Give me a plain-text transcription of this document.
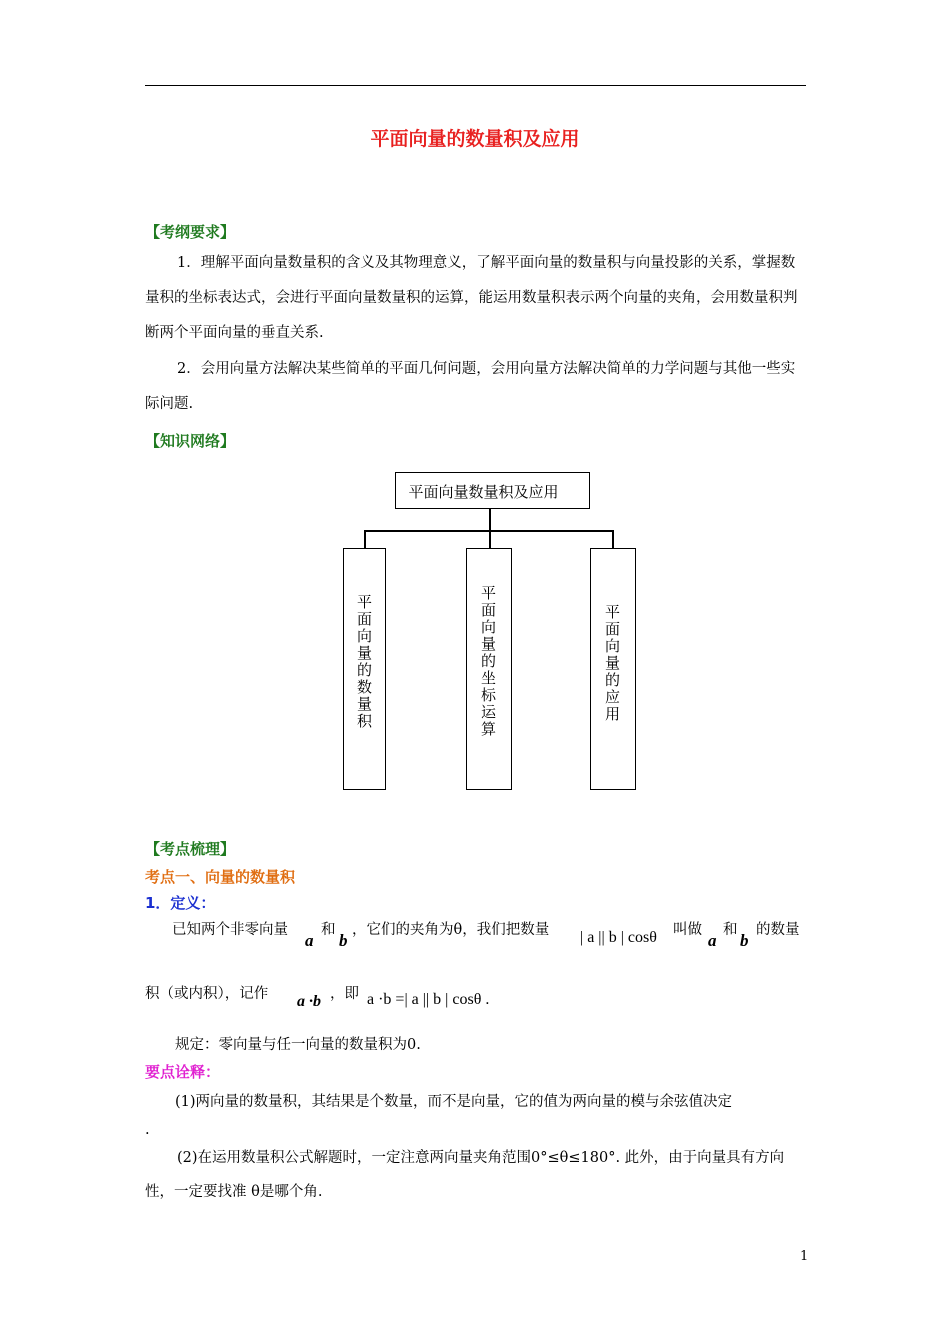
平面向量的数量积及应用
【考纲要求】

1．理解平面向量数量积的含义及其物理意义，了解平面向量的数量积与向量投影的关系，掌握数量积的坐标表达式，会进行平面向量数量积的运算，能运用数量积表示两个向量的夹角，会用数量积判断两个平面向量的垂直关系.

2．会用向量方法解决某些简单的平面几何问题，会用向量方法解决简单的力学问题与其他一些实际问题.

【知识网络】
平面向量数量积及应用
平面向量的数量积	平面向量的坐标运算	平面向量的应用
【考点梳理】
考点一、向量的数量积
1．定义：
已知两个非零向量
a
和
b
，它们的夹角为θ，我们把数量 | a || b | cosθ 叫做
a
和
b
的数量
积（或内积），记作 a ·b ，即 a ·b =| a || b | cosθ .
规定：零向量与任一向量的数量积为0.
要点诠释：
(1)两向量的数量积，其结果是个数量，而不是向量，它的值为两向量的模与余弦值决定
.

(2)在运用数量积公式解题时，一定注意两向量夹角范围0°≤θ≤180°. 此外，由于向量具有方向性，一定要找准 θ是哪个角.

1
